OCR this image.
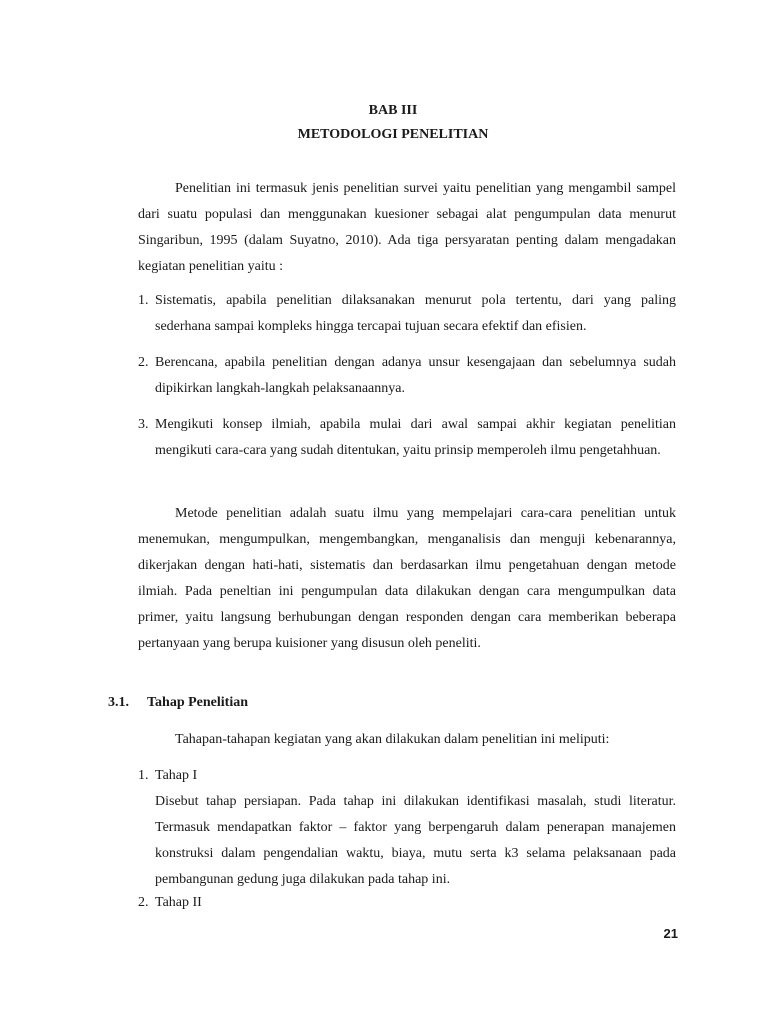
BAB III
METODOLOGI PENELITIAN

Penelitian ini termasuk jenis penelitian survei yaitu penelitian yang mengambil sampel dari suatu populasi dan menggunakan kuesioner sebagai alat pengumpulan data menurut Singaribun, 1995 (dalam Suyatno, 2010). Ada tiga persyaratan penting dalam mengadakan kegiatan penelitian yaitu :

1. Sistematis, apabila penelitian dilaksanakan menurut pola tertentu, dari yang paling sederhana sampai kompleks hingga tercapai tujuan secara efektif dan efisien.
2. Berencana, apabila penelitian dengan adanya unsur kesengajaan dan sebelumnya sudah dipikirkan langkah-langkah pelaksanaannya.
3. Mengikuti konsep ilmiah, apabila mulai dari awal sampai akhir kegiatan penelitian mengikuti cara-cara yang sudah ditentukan, yaitu prinsip memperoleh ilmu pengetahhuan.

Metode penelitian adalah suatu ilmu yang mempelajari cara-cara penelitian untuk menemukan, mengumpulkan, mengembangkan, menganalisis dan menguji kebenarannya, dikerjakan dengan hati-hati, sistematis dan berdasarkan ilmu pengetahuan dengan metode ilmiah. Pada peneltian ini pengumpulan data dilakukan dengan cara mengumpulkan data primer, yaitu langsung berhubungan dengan responden dengan cara memberikan beberapa pertanyaan yang berupa kuisioner yang disusun oleh peneliti.

3.1. Tahap Penelitian

Tahapan-tahapan kegiatan yang akan dilakukan dalam penelitian ini meliputi:

1. Tahap I

Disebut tahap persiapan. Pada tahap ini dilakukan identifikasi masalah, studi literatur. Termasuk mendapatkan faktor – faktor yang berpengaruh dalam penerapan manajemen konstruksi dalam pengendalian waktu, biaya, mutu serta k3 selama pelaksanaan pada pembangunan gedung juga dilakukan pada tahap ini.

2. Tahap II
21
